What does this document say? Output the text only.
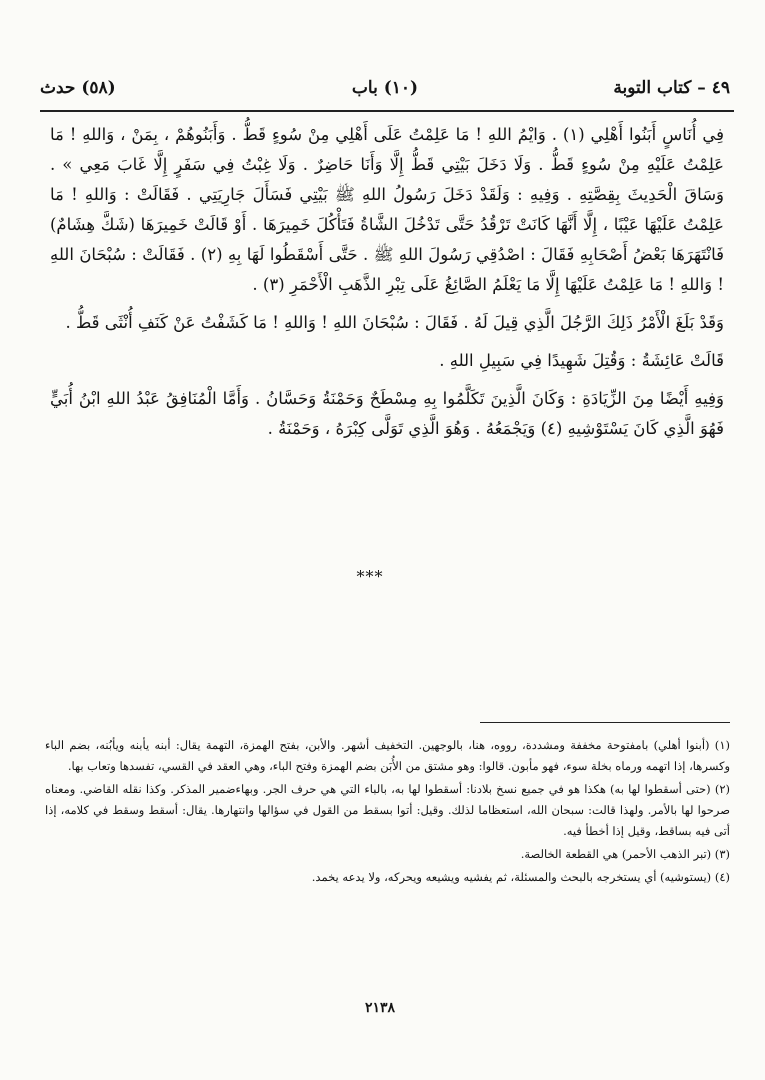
٤٩ – كتاب التوبة
(١٠) باب
(٥٨) حدث

فِي أُنَاسٍ أَبَنُوا أَهْلِي (١) . وَايْمُ اللهِ ! مَا عَلِمْتُ عَلَى أَهْلِي مِنْ سُوءٍ قَطُّ . وَأَبَنُوهُمْ ، بِمَنْ ، وَاللهِ ! مَا عَلِمْتُ عَلَيْهِ مِنْ سُوءٍ قَطُّ . وَلَا دَخَلَ بَيْتِي قَطُّ إِلَّا وَأَنَا حَاضِرٌ . وَلَا غِبْتُ فِي سَفَرٍ إِلَّا غَابَ مَعِي » . وَسَاقَ الْحَدِيثَ بِقِصَّتِهِ . وَفِيهِ : وَلَقَدْ دَخَلَ رَسُولُ اللهِ ﷺ بَيْتِي فَسَأَلَ جَارِيَتِي . فَقَالَتْ : وَاللهِ ! مَا عَلِمْتُ عَلَيْهَا عَيْبًا ، إِلَّا أَنَّهَا كَانَتْ تَرْقُدُ حَتَّى تَدْخُلَ الشَّاةُ فَتَأْكُلَ خَمِيرَهَا . أَوْ قَالَتْ خَمِيرَهَا (شَكَّ هِشَامٌ) فَانْتَهَرَهَا بَعْضُ أَصْحَابِهِ فَقَالَ : اصْدُقِي رَسُولَ اللهِ ﷺ . حَتَّى أَسْقَطُوا لَهَا بِهِ (٢) . فَقَالَتْ : سُبْحَانَ اللهِ ! وَاللهِ ! مَا عَلِمْتُ عَلَيْهَا إِلَّا مَا يَعْلَمُ الصَّائِغُ عَلَى تِبْرِ الذَّهَبِ الْأَحْمَرِ (٣) .

وَقَدْ بَلَغَ الْأَمْرُ ذَلِكَ الرَّجُلَ الَّذِي قِيلَ لَهُ . فَقَالَ : سُبْحَانَ اللهِ ! وَاللهِ ! مَا كَشَفْتُ عَنْ كَنَفِ أُنْثَى قَطُّ .

قَالَتْ عَائِشَةُ : وَقُتِلَ شَهِيدًا فِي سَبِيلِ اللهِ .

وَفِيهِ أَيْضًا مِنَ الزِّيَادَةِ : وَكَانَ الَّذِينَ تَكَلَّمُوا بِهِ مِسْطَحٌ وَحَمْنَةُ وَحَسَّانُ . وَأَمَّا الْمُنَافِقُ عَبْدُ اللهِ ابْنُ أُبَيٍّ فَهُوَ الَّذِي كَانَ يَسْتَوْشِيهِ (٤) وَيَجْمَعُهُ . وَهُوَ الَّذِي تَوَلَّى كِبْرَهُ ، وَحَمْنَةُ .

***

(١) (أبنوا أهلي) بامفتوحة مخففة ومشددة، رووه، هنا، بالوجهين. التخفيف أشهر. والأبن، بفتح الهمزة، التهمة يقال: أبنه يأبنه ويأبُنه، بضم الباء وكسرها، إذا اتهمه ورماه بخلة سوء، فهو مأبون. قالوا: وهو مشتق من الأُبَن بضم الهمزة وفتح الباء، وهي العقد في القسي، تفسدها وتعاب بها.

(٢) (حتى أسقطوا لها به) هكذا هو في جميع نسخ بلادنا: أسقطوا لها به، بالباء التي هي حرف الجر. وبهاءضمير المذكر. وكذا نقله القاضي. ومعناه صرحوا لها بالأمر. ولهذا قالت: سبحان الله، استعظاما لذلك. وقيل: أتوا بسقط من القول في سؤالها وانتهارها. يقال: أسقط وسقط في كلامه، إذا أتى فيه بساقط، وقيل إذا أخطأ فيه.

(٣) (تبر الذهب الأحمر) هي القطعة الخالصة.

(٤) (يستوشيه) أي يستخرجه بالبحث والمسئلة، ثم يفشيه ويشيعه ويحركه، ولا يدعه يخمد.

٢١٣٨
